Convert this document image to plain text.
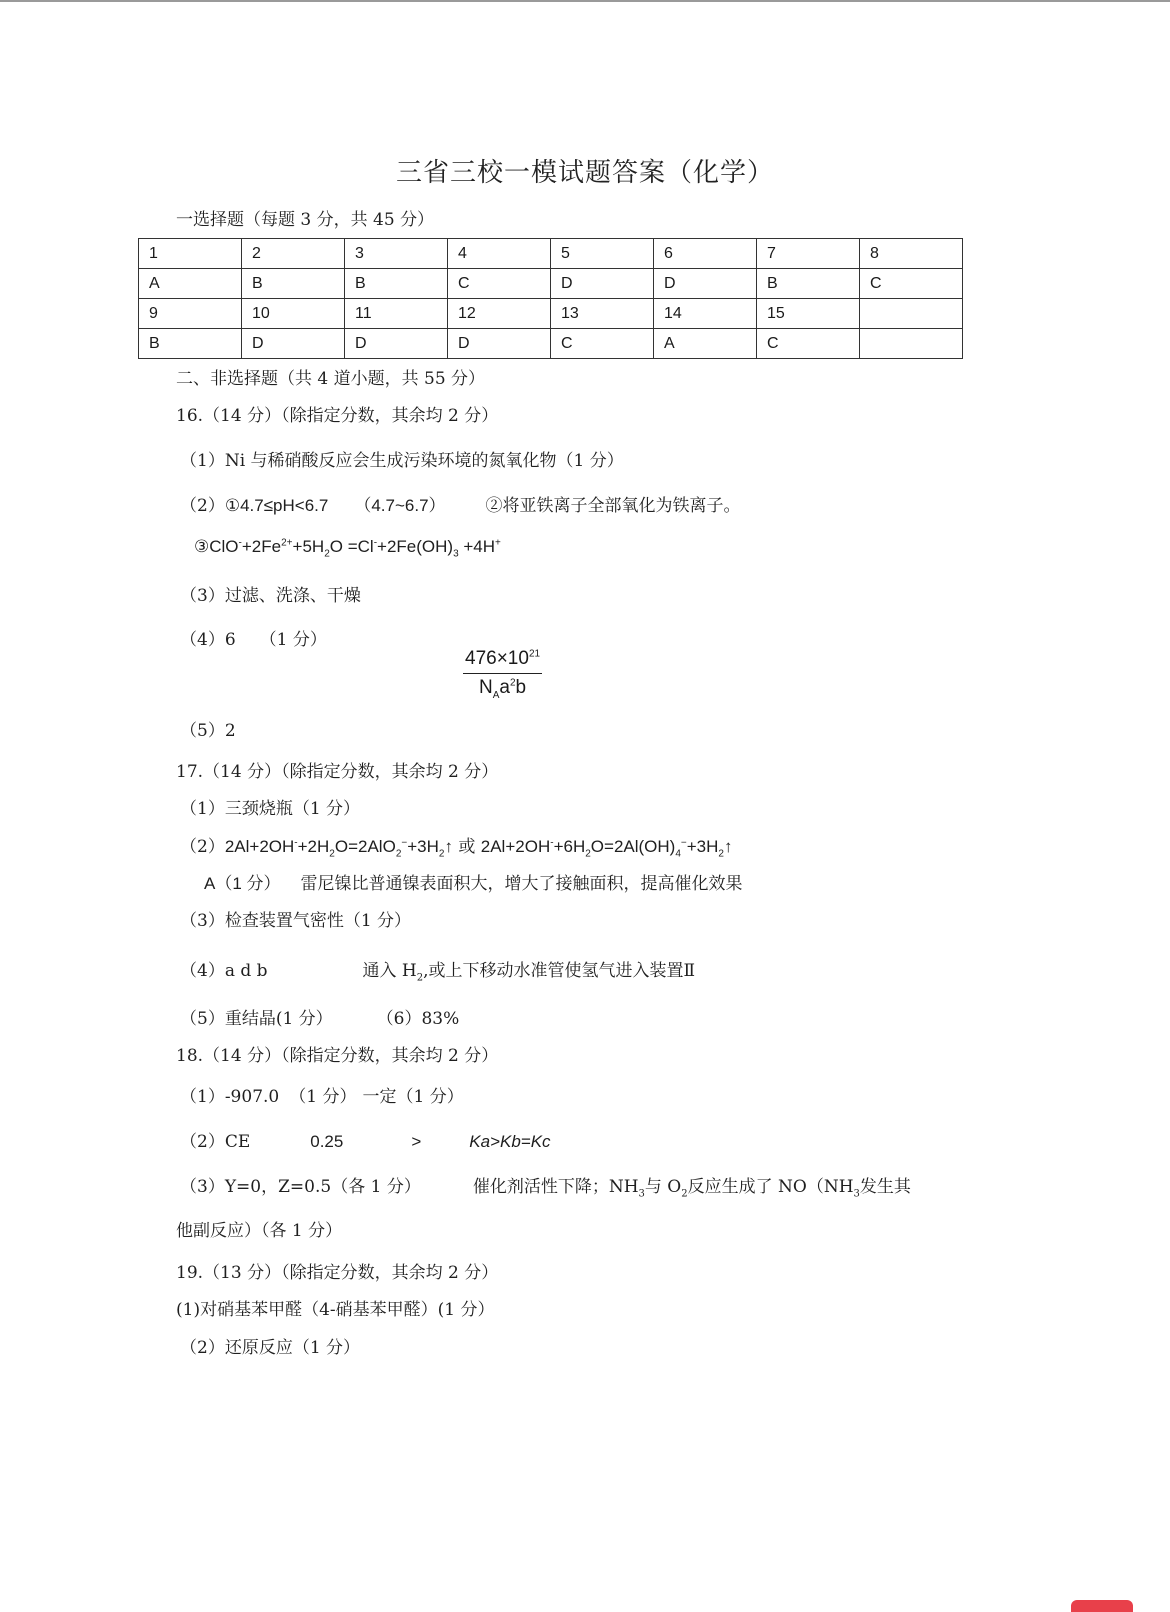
三省三校一模试题答案（化学）
一选择题（每题 3 分，共 45 分）
1	2	3	4	5	6	7	8
A	B	B	C	D	D	B	C
9	10	11	12	13	14	15	
B	D	D	D	C	A	C	
二、非选择题（共 4 道小题，共 55 分）
16.（14 分）（除指定分数，其余均 2 分）
（1）Ni 与稀硝酸反应会生成污染环境的氮氧化物（1 分）
（2）①4.7≤pH<6.7 （4.7~6.7） ②将亚铁离子全部氧化为铁离子。
$③ClO^-+2Fe^{2+}+5H_2O =Cl^-+2Fe(OH)_3 +4H^+$
（3）过滤、洗涤、干燥
（4）6 （1 分）
$476\times 10^{21}$
$N_Aa^2b$
（5）2
17.（14 分）（除指定分数，其余均 2 分）
（1）三颈烧瓶（1 分）
$(2)2Al+2OH^-+2H_2O=2AlO_2^-+3H_2↑$ 或 $2Al+2OH^-+6H_2O=2Al(OH)_4^-+3H_2↑$
A（1 分） 雷尼镍比普通镍表面积大，增大了接触面积，提高催化效果
（3）检查装置气密性（1 分）
（4）a d b	通入 $H_2$,或上下移动水准管使氢气进入装置Ⅱ
（5）重结晶(1 分）	（6）83%
18.（14 分）（除指定分数，其余均 2 分）
（1）-907.0 （1 分） 一定（1 分）
（2）CE	0.25	>	Ka>Kb=Kc
（3）Y=0，Z=0.5（各 1 分）	催化剂活性下降；$NH_3$与 $O_2$反应生成了 $NO(NH_3$发生其
他副反应）（各 1 分）
19.（13 分）（除指定分数，其余均 2 分）
(1)对硝基苯甲醛（4-硝基苯甲醛）(1 分）
（2）还原反应（1 分）
